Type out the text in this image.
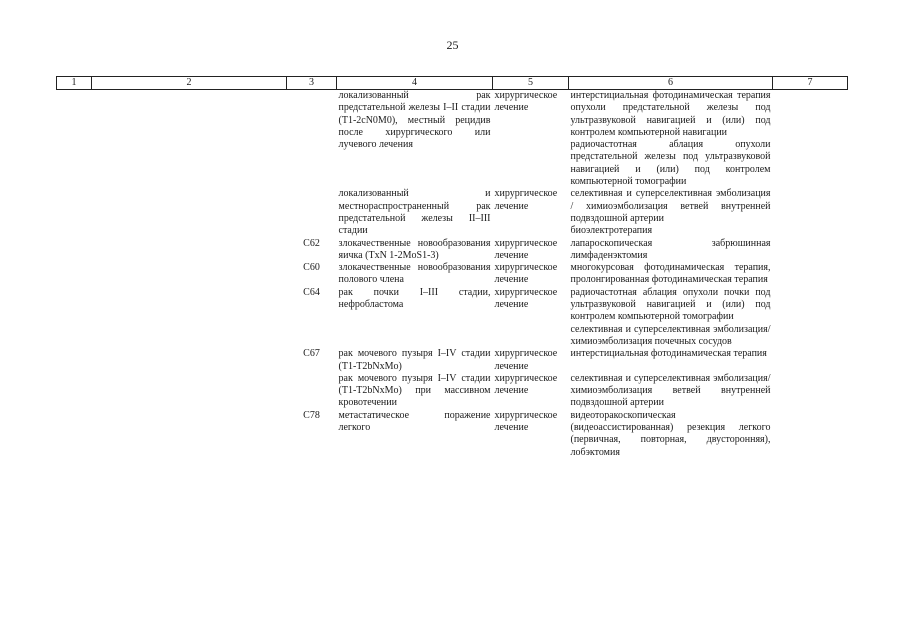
25
1	2	3	4	5	6	7
			локализованный рак предстательной железы I–II стадии (T1-2cN0M0), местный рецидив после хирургического или лучевого лечения	хирургическое лечение	интерстициальная фотодинамическая терапия опухоли предстательной железы под ультразвуковой навигацией и (или) под контролем компьютерной навигации
радиочастотная аблация опухоли предстательной железы под ультразвуковой навигацией и (или) под контролем компьютерной томографии	

			локализованный и местнораспространенный рак предстательной железы II–III стадии	хирургическое лечение	селективная и суперселективная эмболизация / химиоэмболизация ветвей внутренней подвздошной артерии
биоэлектротерапия	

		C62	злокачественные новообразования яичка (TxN 1-2MoS1-3)	хирургическое лечение	лапароскопическая забрюшинная лимфаденэктомия	

		C60	злокачественные новообразования полового члена	хирургическое лечение	многокурсовая фотодинамическая терапия, пролонгированная фотодинамическая терапия	

		C64	рак почки I–III стадии, нефробластома	хирургическое лечение	радиочастотная аблация опухоли почки под ультразвуковой навигацией и (или) под контролем компьютерной томографии
селективная и суперселективная эмболизация/химиоэмболизация почечных сосудов	

		C67	рак мочевого пузыря I–IV стадии (T1-T2bNxMo)	хирургическое лечение	интерстициальная фотодинамическая терапия	

			рак мочевого пузыря I–IV стадии (T1-T2bNxMo) при массивном кровотечении	хирургическое лечение	селективная и суперселективная эмболизация/химиоэмболизация ветвей внутренней подвздошной артерии	

		C78	метастатическое поражение легкого	хирургическое лечение	видеоторакоскопическая (видеоассистированная) резекция легкого (первичная, повторная, двусторонняя), лобэктомия	
